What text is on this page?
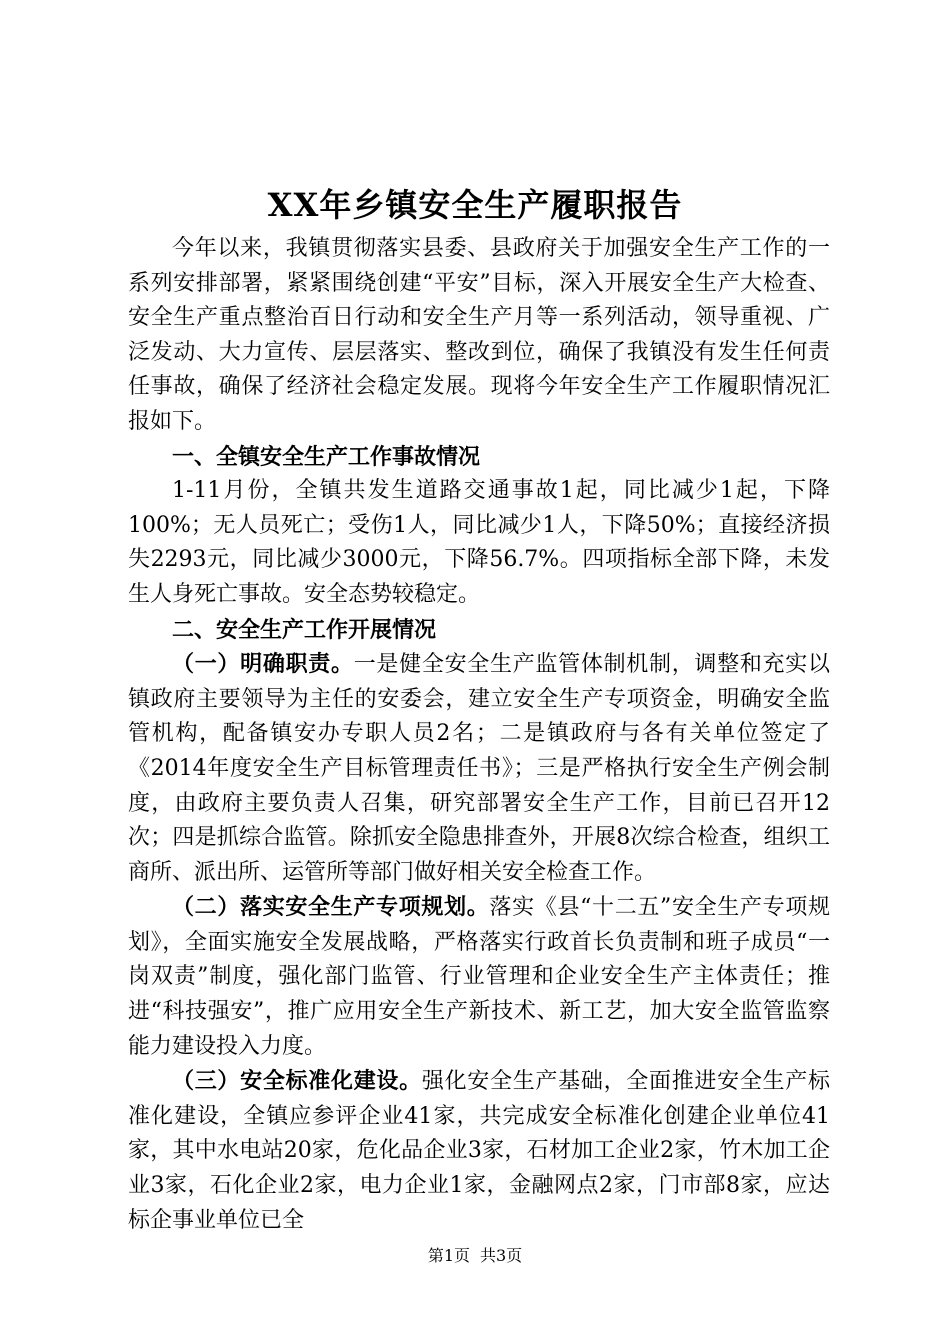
XX年乡镇安全生产履职报告

今年以来，我镇贯彻落实县委、县政府关于加强安全生产工作的一系列安排部署，紧紧围绕创建“平安”目标，深入开展安全生产大检查、安全生产重点整治百日行动和安全生产月等一系列活动，领导重视、广泛发动、大力宣传、层层落实、整改到位，确保了我镇没有发生任何责任事故，确保了经济社会稳定发展。现将今年安全生产工作履职情况汇报如下。

一、全镇安全生产工作事故情况

1-11月份，全镇共发生道路交通事故1起，同比减少1起，下降100%；无人员死亡；受伤1人，同比减少1人，下降50%；直接经济损失2293元，同比减少3000元，下降56.7%。四项指标全部下降，未发生人身死亡事故。安全态势较稳定。

二、安全生产工作开展情况

（一）明确职责。一是健全安全生产监管体制机制，调整和充实以镇政府主要领导为主任的安委会，建立安全生产专项资金，明确安全监管机构，配备镇安办专职人员2名；二是镇政府与各有关单位签定了《2014年度安全生产目标管理责任书》；三是严格执行安全生产例会制度，由政府主要负责人召集，研究部署安全生产工作，目前已召开12次；四是抓综合监管。除抓安全隐患排查外，开展8次综合检查，组织工商所、派出所、运管所等部门做好相关安全检查工作。

（二）落实安全生产专项规划。落实《县“十二五”安全生产专项规划》，全面实施安全发展战略，严格落实行政首长负责制和班子成员“一岗双责”制度，强化部门监管、行业管理和企业安全生产主体责任；推进“科技强安”，推广应用安全生产新技术、新工艺，加大安全监管监察能力建设投入力度。

（三）安全标准化建设。强化安全生产基础，全面推进安全生产标准化建设，全镇应参评企业41家，共完成安全标准化创建企业单位41家，其中水电站20家，危化品企业3家，石材加工企业2家，竹木加工企业3家，石化企业2家，电力企业1家，金融网点2家，门市部8家，应达标企事业单位已全

第1页 共3页
